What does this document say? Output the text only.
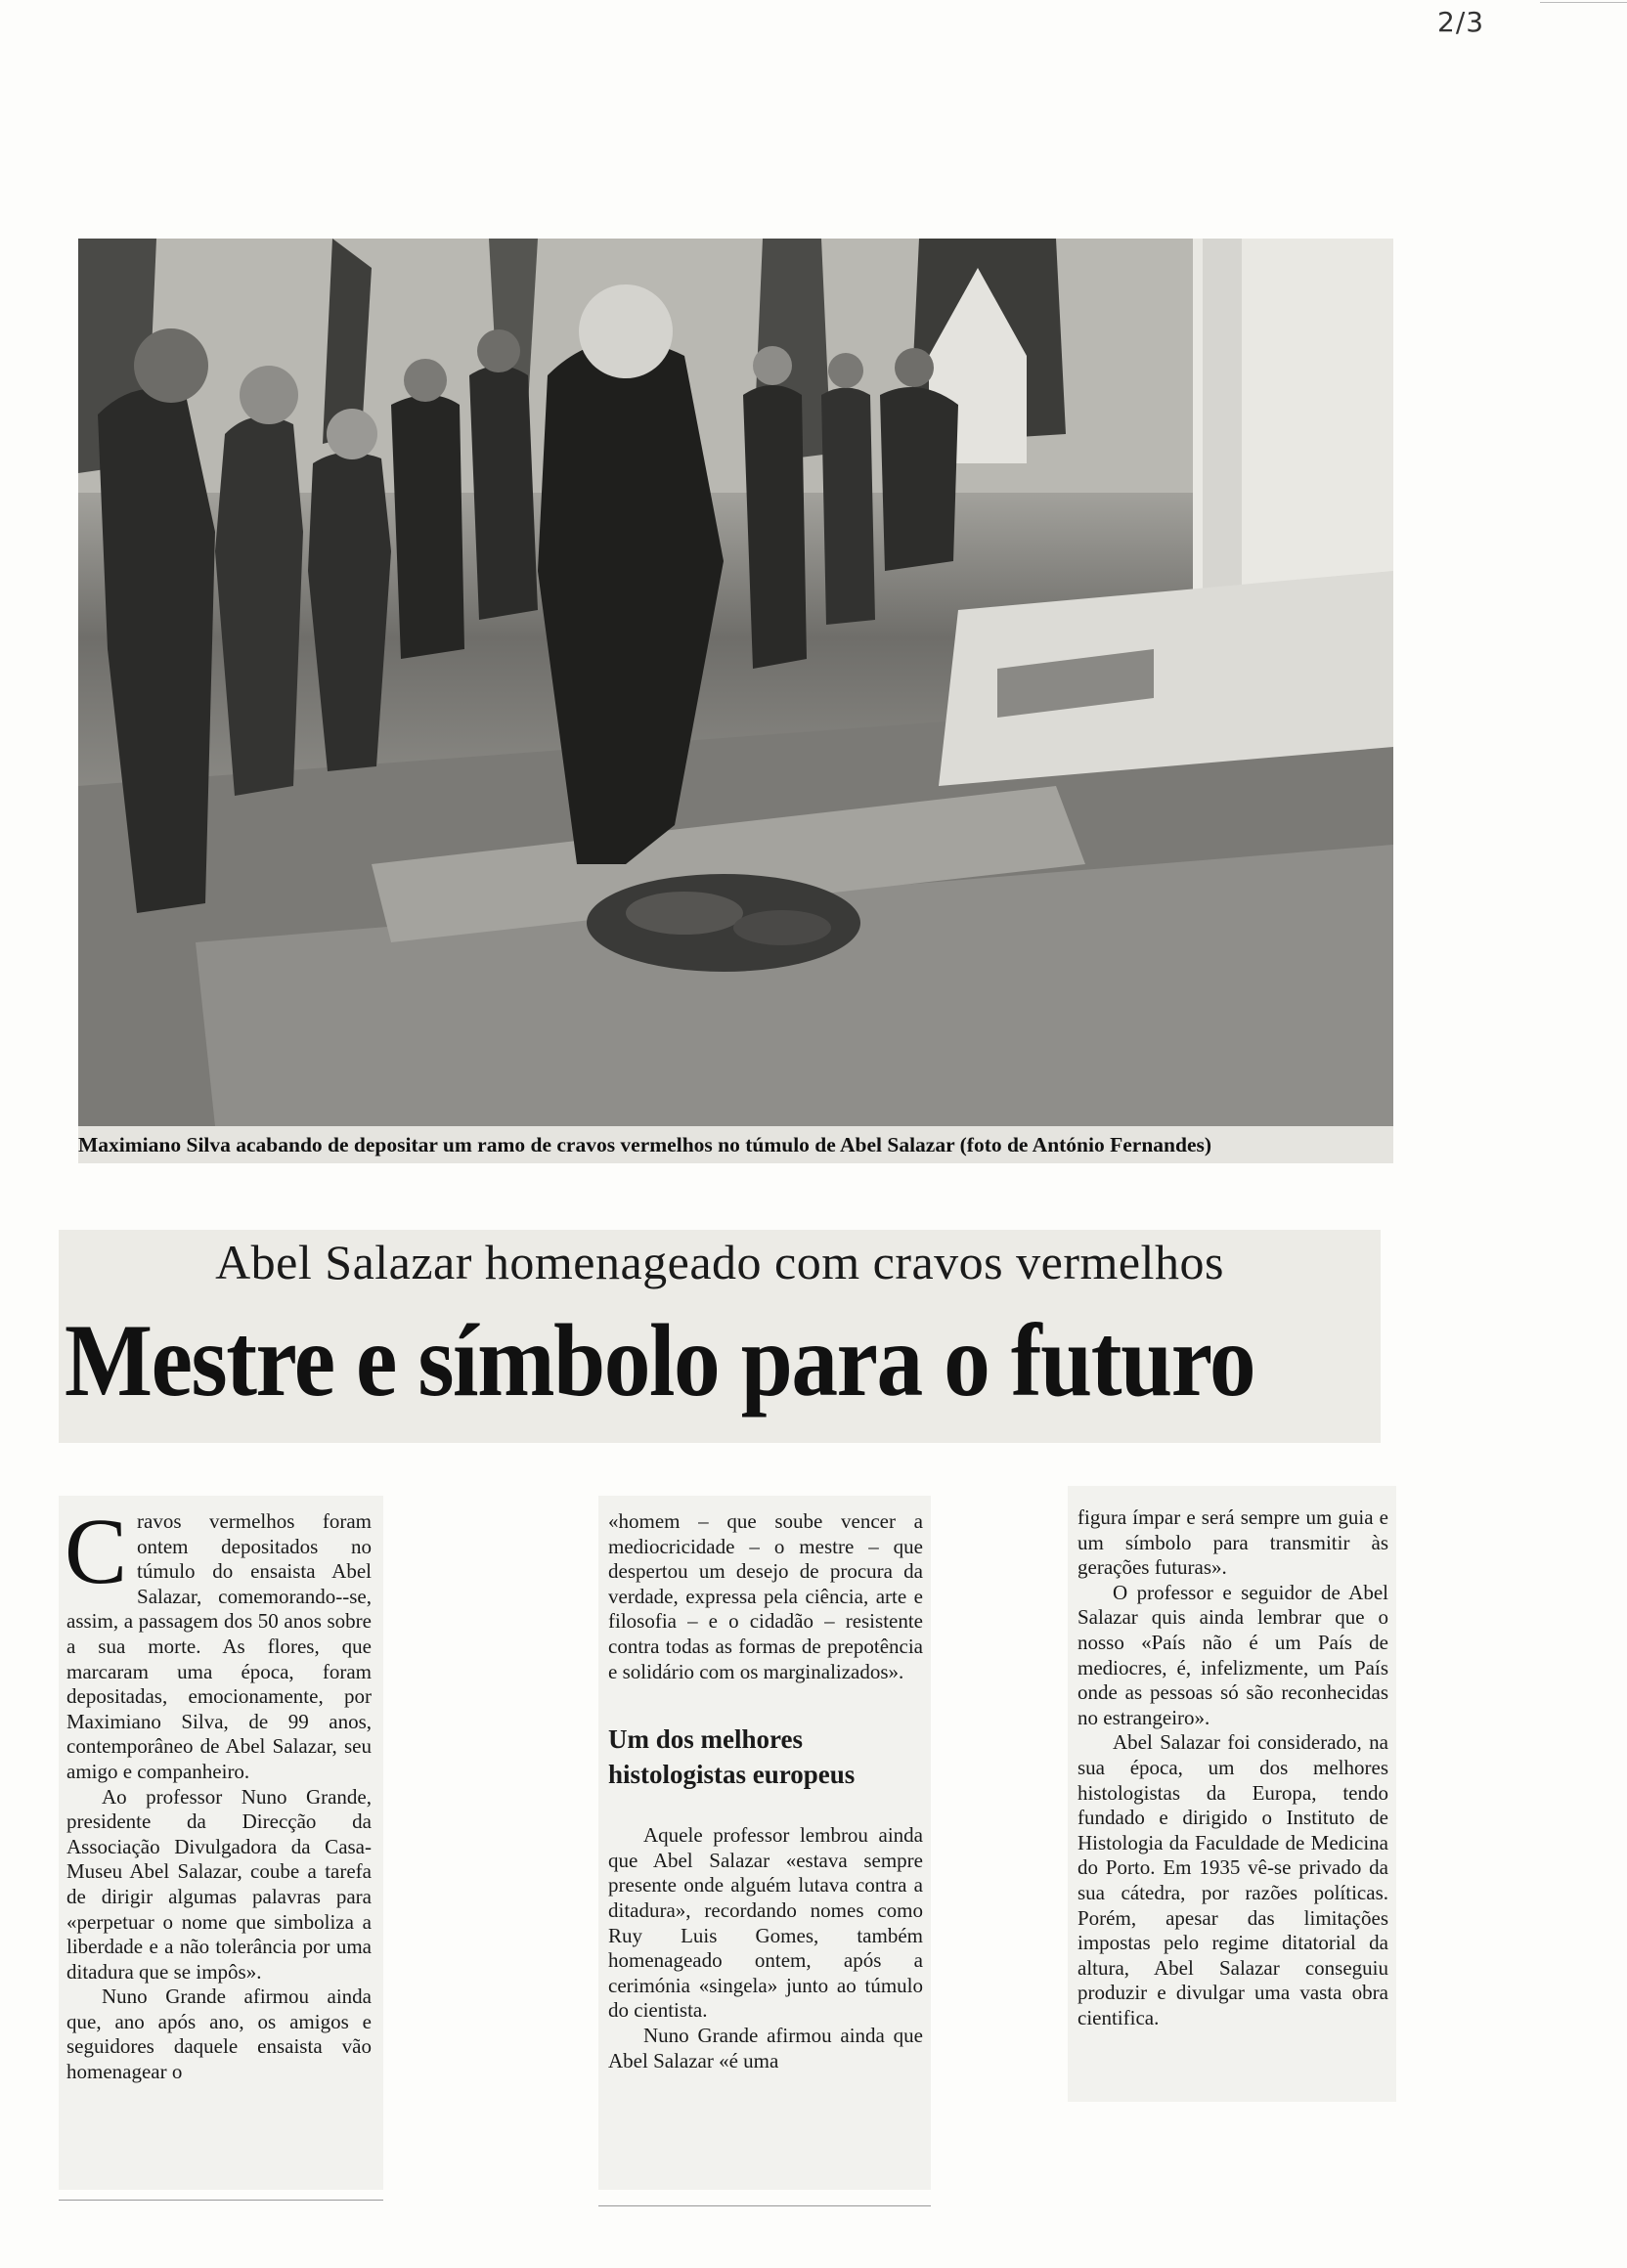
2/3
Maximiano Silva acabando de depositar um ramo de cravos vermelhos no túmulo de Abel Salazar (foto de António Fernandes)
Abel Salazar homenageado com cravos vermelhos
Mestre e símbolo para o futuro

Cravos vermelhos foram ontem depositados no túmulo do ensaista Abel Salazar, comemorando--se, assim, a passagem dos 50 anos sobre a sua morte. As flores, que marcaram uma época, foram depositadas, emocionamente, por Maximiano Silva, de 99 anos, contemporâneo de Abel Salazar, seu amigo e companheiro.

Ao professor Nuno Grande, presidente da Direcção da Associação Divulgadora da Casa- Museu Abel Salazar, coube a tarefa de dirigir algumas palavras para «perpetuar o nome que simboliza a liberdade e a não tolerância por uma ditadura que se impôs».

Nuno Grande afirmou ainda que, ano após ano, os amigos e seguidores daquele ensaista vão homenagear o

«homem – que soube vencer a mediocricidade – o mestre – que despertou um desejo de procura da verdade, expressa pela ciência, arte e filosofia – e o cidadão – resistente contra todas as formas de prepotência e solidário com os marginalizados».

Um dos melhores histologistas europeus

Aquele professor lembrou ainda que Abel Salazar «estava sempre presente onde alguém lutava contra a ditadura», recordando nomes como Ruy Luis Gomes, também homenageado ontem, após a cerimónia «singela» junto ao túmulo do cientista.

Nuno Grande afirmou ainda que Abel Salazar «é uma

figura ímpar e será sempre um guia e um símbolo para transmitir às gerações futuras».

O professor e seguidor de Abel Salazar quis ainda lembrar que o nosso «País não é um País de mediocres, é, infelizmente, um País onde as pessoas só são reconhecidas no estrangeiro».

Abel Salazar foi considerado, na sua época, um dos melhores histologistas da Europa, tendo fundado e dirigido o Instituto de Histologia da Faculdade de Medicina do Porto. Em 1935 vê-se privado da sua cátedra, por razões políticas. Porém, apesar das limitações impostas pelo regime ditatorial da altura, Abel Salazar conseguiu produzir e divulgar uma vasta obra cientifica.
